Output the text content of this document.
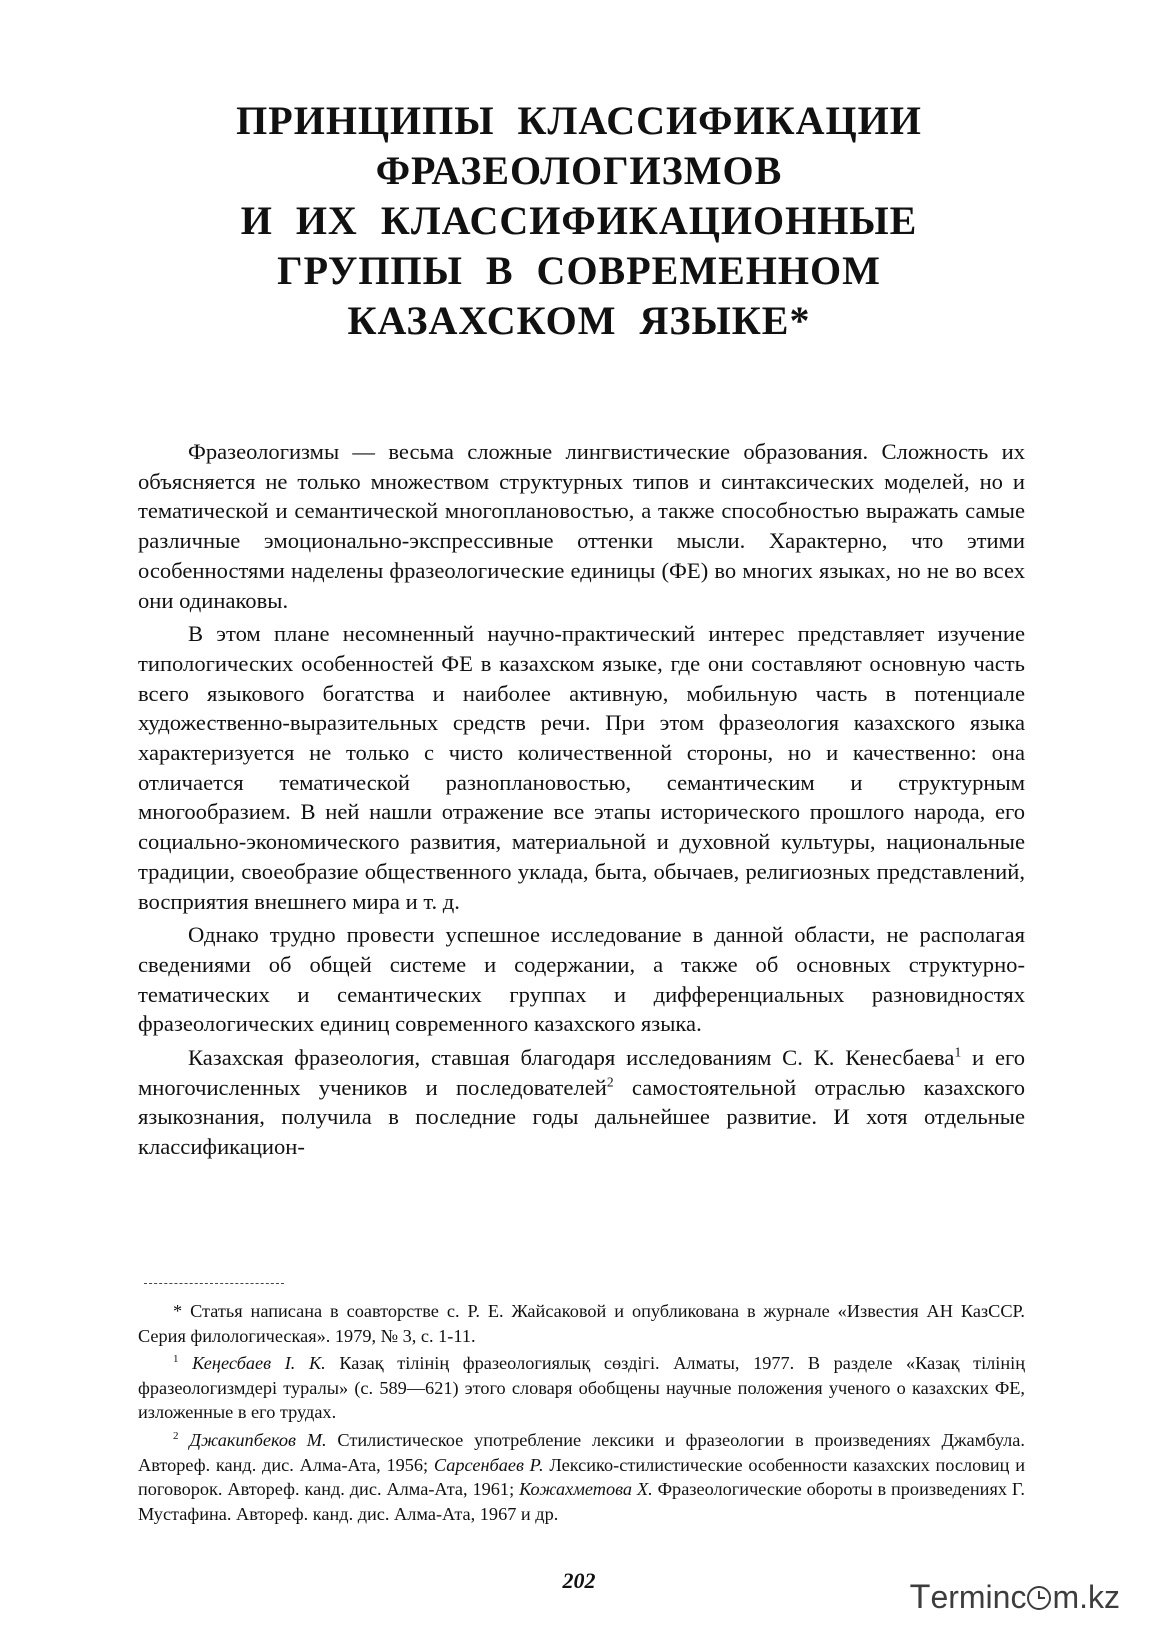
ПРИНЦИПЫ КЛАССИФИКАЦИИ
ФРАЗЕОЛОГИЗМОВ
И ИХ КЛАССИФИКАЦИОННЫЕ
ГРУППЫ В СОВРЕМЕННОМ
КАЗАХСКОМ ЯЗЫКЕ*

Фразеологизмы — весьма сложные лингвистические образования. Сложность их объясняется не только множеством структурных типов и синтаксических моделей, но и тематической и семантической многоплановостью, а также способностью выражать самые различные эмоционально-экспрессивные оттенки мысли. Характерно, что этими особенностями наделены фразеологические единицы (ФЕ) во многих языках, но не во всех они одинаковы.

В этом плане несомненный научно-практический интерес представляет изучение типологических особенностей ФЕ в казахском языке, где они составляют основную часть всего языкового богатства и наиболее активную, мобильную часть в потенциале художественно-выразительных средств речи. При этом фразеология казахского языка характеризуется не только с чисто количественной стороны, но и качественно: она отличается тематической разноплановостью, семантическим и структурным многообразием. В ней нашли отражение все этапы исторического прошлого народа, его социально-экономического развития, материальной и духовной культуры, национальные традиции, своеобразие общественного уклада, быта, обычаев, религиозных представлений, восприятия внешнего мира и т. д.

Однако трудно провести успешное исследование в данной области, не располагая сведениями об общей системе и содержании, а также об основных структурно-тематических и семантических группах и дифференциальных разновидностях фразеологических единиц современного казахского языка.

Казахская фразеология, ставшая благодаря исследованиям С. К. Кенесбаева$^1$ и его многочисленных учеников и последователей$^2$ самостоятельной отраслью казахского языкознания, получила в последние годы дальнейшее развитие. И хотя отдельные классификацион-

* Статья написана в соавторстве с. Р. Е. Жайсаковой и опубликована в журнале «Известия АН КазССР. Серия филологическая». 1979, № 3, с. 1-11.

$^1$ Кеңесбаев І. К. Казақ тілінің фразеологиялық сөздігі. Алматы, 1977. В разделе «Казақ тілінің фразеологизмдері туралы» (с. 589—621) этого словаря обобщены научные положения ученого о казахских ФЕ, изложенные в его трудах.

$^2$ Джакипбеков М. Стилистическое употребление лексики и фразеологии в произведениях Джамбула. Автореф. канд. дис. Алма-Ата, 1956; Сарсенбаев Р. Лексико-стилистические особенности казахских пословиц и поговорок. Автореф. канд. дис. Алма-Ата, 1961; Кожахметова Х. Фразеологические обороты в произведениях Г. Мустафина. Автореф. канд. дис. Алма-Ата, 1967 и др.

202	Terminc m.kz
